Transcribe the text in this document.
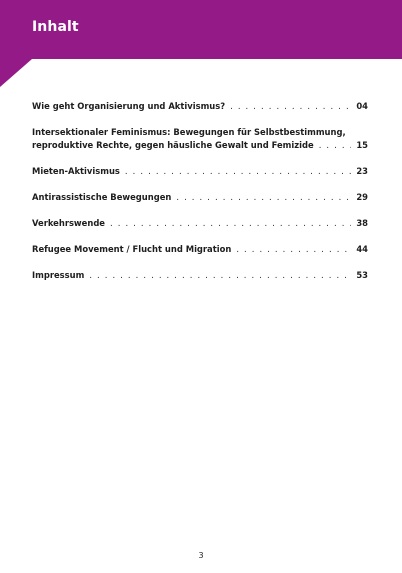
Inhalt
Wie geht Organisierung und Aktivismus? . . .	04
Intersektionaler Feminismus: Bewegungen für Selbstbestimmung,
reproduktive Rechte, gegen häusliche Gewalt und Femizide . . .	15
Mieten-Aktivismus . . .	23
Antirassistische Bewegungen . . .	29
Verkehrswende . . .	38
Refugee Movement / Flucht und Migration . . .	44
Impressum . . .	53
3
